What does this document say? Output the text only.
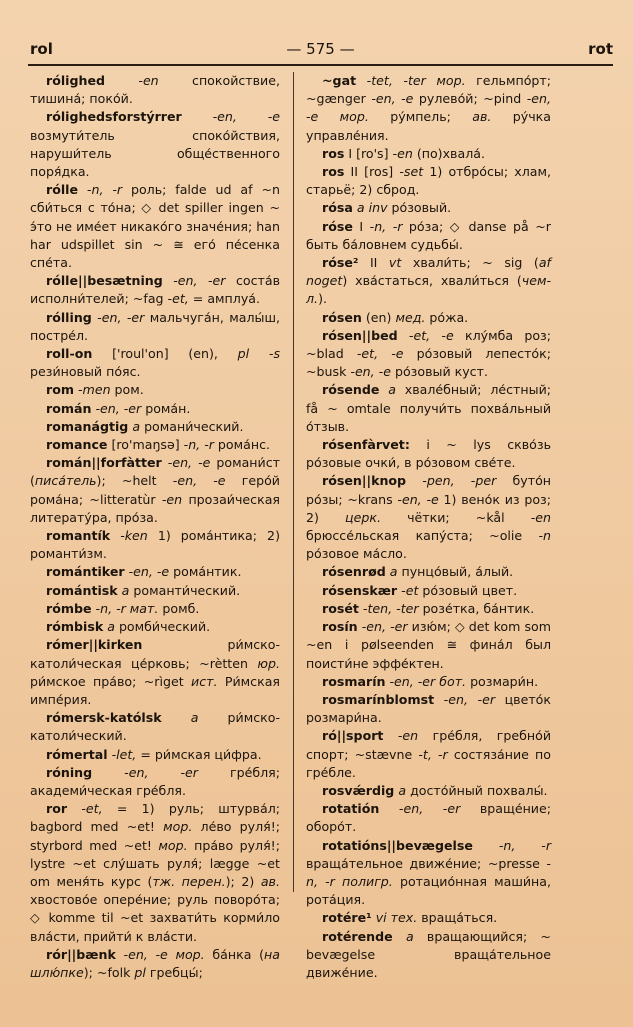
rol	— 575 —	rot

róligh‌ed -en спокойствие, тишина́; поко́й.

róligh‌edsforstýrrer -en, -e возмути́тель споко́йствия, наруши́тель обще́ственного поря́дка.

rólle -n, -r роль; falde ud af ~n сби́ться с то́на; ◇ det spiller ingen ~ э́то не име́ет никако́го значе́ния; han har udspillet sin ~ ≅ его́ пе́сенка спе́та.

rólle||besætning -en, -er соста́в исполни́телей; ~fag -et, = амплуа́.

rólling -en, -er мальчуга́н, малы́ш, постре́л.

roll-on ['roul'on] (en), pl -s рези́новый по́яс.

rom -men ром.

román -en, -er рома́н.

romanágtig a романи́ческий.

romance [ro'maŋsə] -n, -r рома́нс.

román||forfàtter -en, -e романи́ст (писа́тель); ~helt -en, -e геро́й рома́на; ~litteratùr -en прозаи́ческая литерату́ра, про́за.

romantík -ken 1) рома́нтика; 2) романти́зм.

romántiker -en, -e рома́нтик.

romántisk a романти́ческий.

rómbe -n, -r мат. ромб.

rómbisk a ромби́ческий.

rómer||kirken ри́мско-католи́ческая це́рковь; ~rètten юр. ри́мское пра́во; ~rìget ист. Ри́мская импе́рия.

rómersk-katólsk a ри́мско-католи́ческий.

rómertal -let, = ри́мская ци́фра.

róning -en, -er гре́бля; академи́ческая гре́бля.

ror -et, = 1) руль; штурва́л; bagbord med ~et! мор. ле́во руля́!; styrbord med ~et! мор. пра́во руля́!; lystre ~et слу́шать руля́; lægge ~et om меня́ть курс (тж. перен.); 2) ав. хвостово́е опере́ние; руль поворо́та; ◇ komme til ~et захвати́ть корми́ло вла́сти, прийти́ к вла́сти.

rór||bænk -en, -e мор. ба́нка (на шлю́пке); ~folk pl гребцы́;

~gat -tet, -ter мор. гельмпо́рт; ~gænger -en, -e рулево́й; ~pind -en, -e мор. ру́мпель; ав. ру́чка управле́ния.

ros I [ro's] -en (по)хвала́.

ros II [ros] -set 1) отбро́сы; хлам, старьё; 2) сброд.

rósa a inv ро́зовый.

róse I -n, -r ро́за; ◇ danse på ~r быть ба́ловнем судьбы́.

róse² II vt хвали́ть; ~ sig (af noget) хва́статься, хвали́ться (чем-л.).

rósen (en) мед. ро́жа.

rósen||bed -et, -e клу́мба роз; ~blad -et, -e ро́зовый лепесто́к; ~busk -en, -e ро́зовый куст.

rósende a хвале́бный; ле́стный; få ~ omtale получи́ть похва́льный о́тзыв.

rósenfàrvet: i ~ lys скво́зь ро́зовые очки́, в ро́зовом све́те.

rósen||knop -pen, -per буто́н ро́зы; ~krans -en, -e 1) вено́к из роз; 2) церк. чётки; ~kål -en брюссе́льская капу́ста; ~olie -n ро́зовое ма́сло.

rósenrød a пунцо́вый, а́лый.

rósenskær -et ро́зовый цвет.

rosét -ten, -ter розе́тка, ба́нтик.

rosín -en, -er изю́м; ◇ det kom som ~en i pølseenden ≅ фина́л был поисти́не эффе́ктен.

rosmarín -en, -er бот. розмари́н.

rosmarínblomst -en, -er цвето́к розмари́на.

ró||sport -en гре́бля, гребно́й спорт; ~stævne -t, -r состяза́ние по гре́бле.

rosvǽrdig a досто́йный похвалы́.

rotatión -en, -er враще́ние; оборо́т.

rotatións||bevægelse -n, -r враща́тельное движе́ние; ~presse -n, -r полигр. ротацио́нная маши́на, рота́ция.

rotére¹ vi тех. враща́ться.

rotérende a вращающийся; ~ bevægelse враща́тельное движе́ние.
